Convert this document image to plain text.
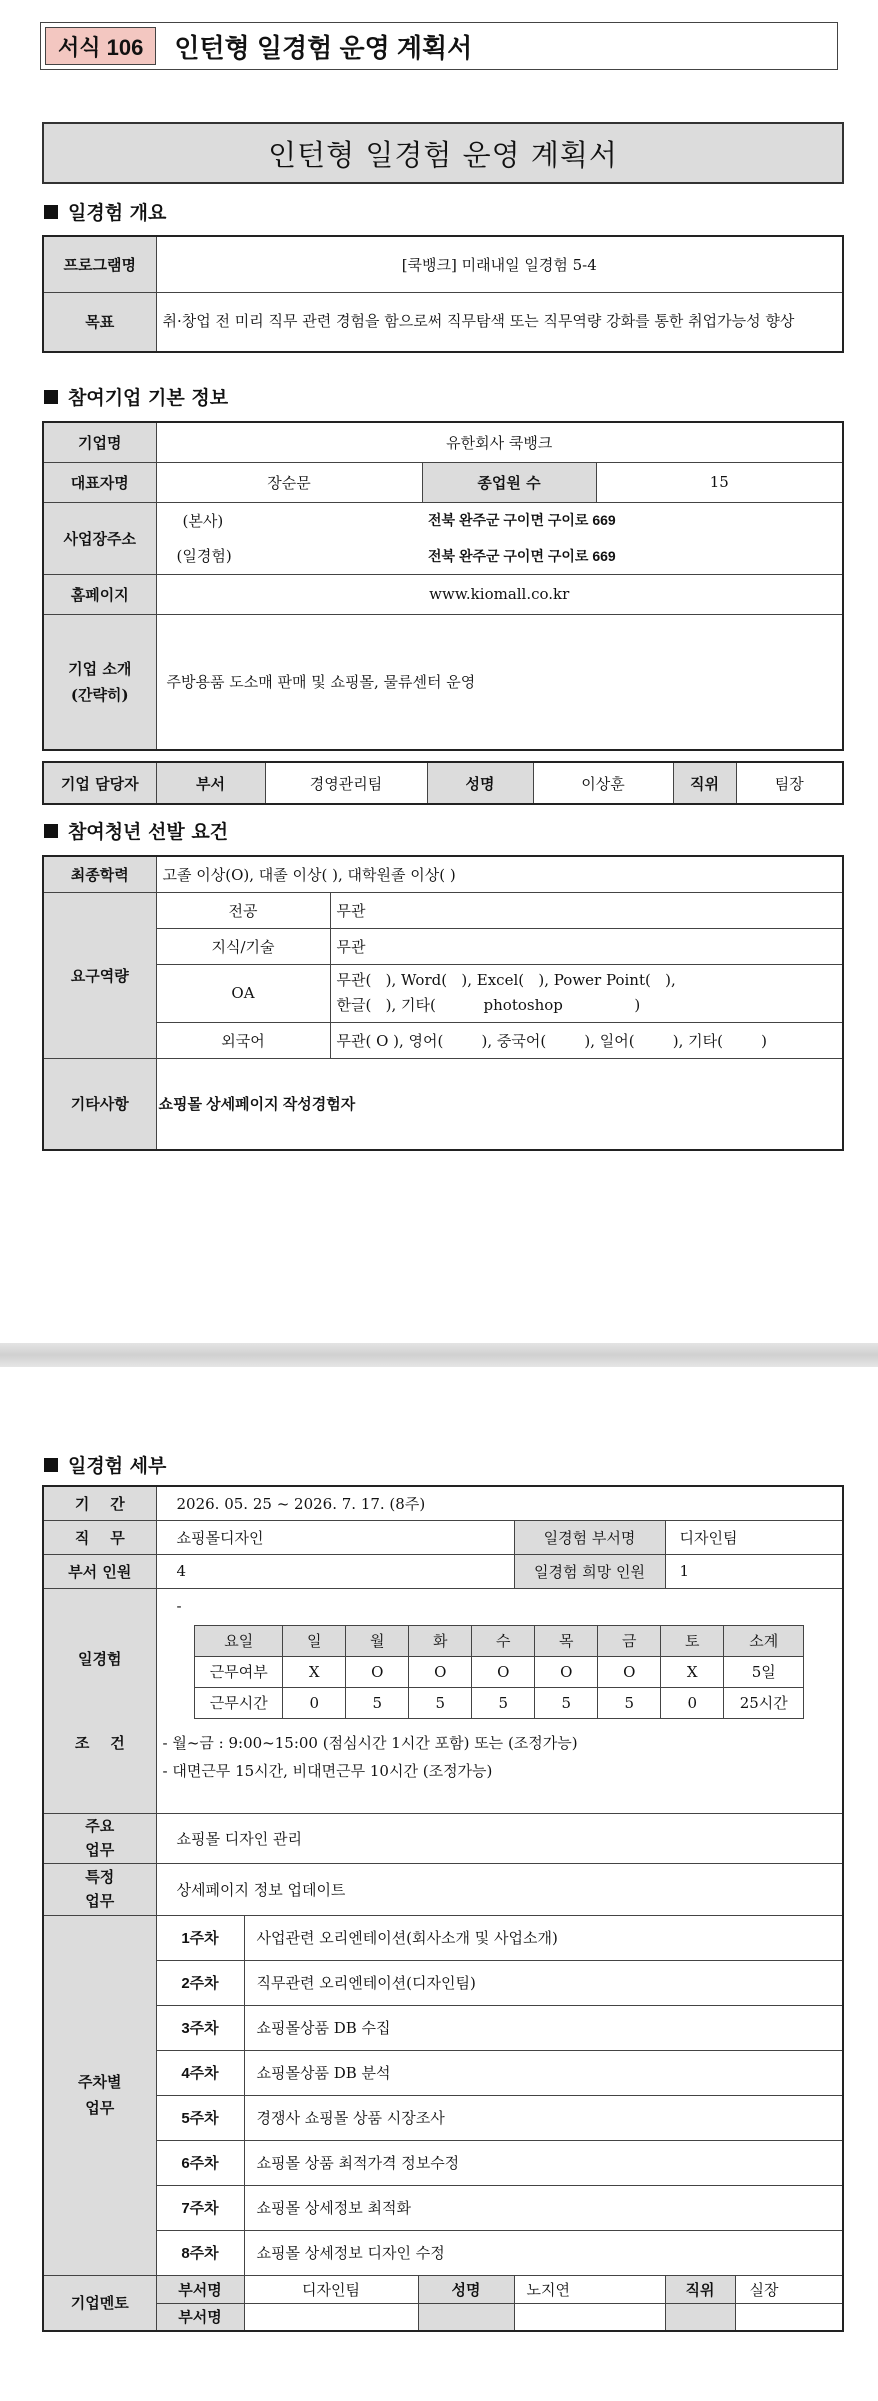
서식 106	인턴형 일경험 운영 계획서
인턴형 일경험 운영 계획서
일경험 개요
프로그램명	[쿡뱅크] 미래내일 일경험 5-4
목표	취·창업 전 미리 직무 관련 경험을 함으로써 직무탐색 또는 직무역량 강화를 통한 취업가능성 향상
참여기업 기본 정보
기업명	유한회사 쿡뱅크		
대표자명	장순문	종업원 수	15
사업장주소	(본사)	전북 완주군 구이면 구이로 669	
	(일경험)	전북 완주군 구이면 구이로 669	
홈페이지	www.kiomall.co.kr		

기업 소개
(간략히)	주방용품 도소매 판매 및 쇼핑몰, 물류센터 운영		
기업 담당자	부서	경영관리팀	성명	이상훈	직위	팀장
참여청년 선발 요건
최종학력	고졸 이상(O), 대졸 이상( ), 대학원졸 이상( )	
요구역량	전공	무관
	지식/기술	무관
	OA	무관(   ), Word(   ), Excel(   ), Power Point(   ),
한글(   ), 기타(          photoshop               )

	외국어	무관( O ), 영어(        ), 중국어(        ), 일어(        ), 기타(        )
기타사항	쇼핑몰 상세페이지 작성경험자	
일경험 세부
기    간	2026. 05. 25 ~ 2026. 7. 17. (8주)
직    무	쇼핑몰디자인	일경험 부서명	디자인팀
부서 인원	4	일경험 희망 인원	1

일경험

조    건

-
요일	일	월	화	수	목	금	토	소계
근무여부	X	O	O	O	O	O	X	5일
근무시간	0	5	5	5	5	5	0	25시간
- 월~금 : 9:00~15:00 (점심시간 1시간 포함) 또는 (조정가능)
- 대면근무 15시간, 비대면근무 10시간 (조정가능)

주요
업무
	쇼핑몰 디자인 관리

특정
업무
	상세페이지 정보 업데이트

주차별
업무
	1주차	사업관련 오리엔테이션(회사소개 및 사업소개)
2주차	직무관련 오리엔테이션(디자인팀)
3주차	쇼핑몰상품 DB 수집
4주차	쇼핑몰상품 DB 분석
5주차	경쟁사 쇼핑몰 상품 시장조사
6주차	쇼핑몰 상품 최적가격 정보수정
7주차	쇼핑몰 상세정보 최적화
8주차	쇼핑몰 상세정보 디자인 수정
기업멘토	부서명	디자인팀	성명	노지연	직위	실장
부서명					
